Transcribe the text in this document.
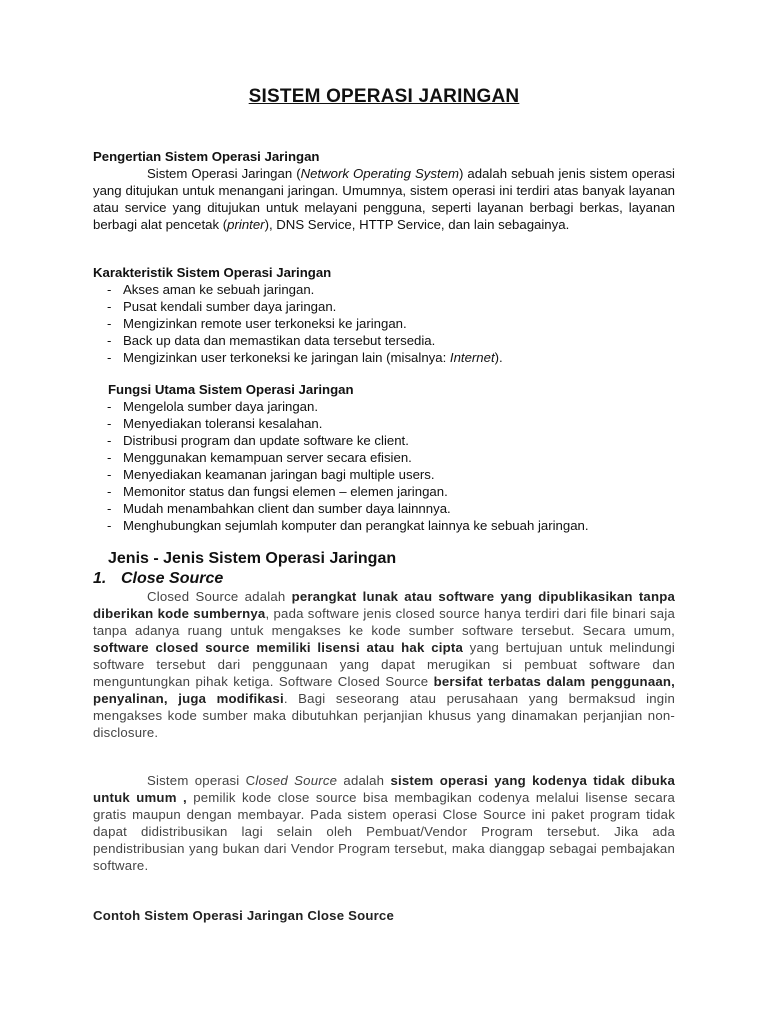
SISTEM OPERASI JARINGAN
Pengertian Sistem Operasi Jaringan
Sistem Operasi Jaringan (Network Operating System) adalah sebuah jenis sistem operasi yang ditujukan untuk menangani jaringan. Umumnya, sistem operasi ini terdiri atas banyak layanan atau service yang ditujukan untuk melayani pengguna, seperti layanan berbagi berkas, layanan berbagi alat pencetak (printer), DNS Service, HTTP Service, dan lain sebagainya.
Karakteristik Sistem Operasi Jaringan
- Akses aman ke sebuah jaringan.
- Pusat kendali sumber daya jaringan.
- Mengizinkan remote user terkoneksi ke jaringan.
- Back up data dan memastikan data tersebut tersedia.
- Mengizinkan user terkoneksi ke jaringan lain (misalnya: Internet).
Fungsi Utama Sistem Operasi Jaringan
- Mengelola sumber daya jaringan.
- Menyediakan toleransi kesalahan.
- Distribusi program dan update software ke client.
- Menggunakan kemampuan server secara efisien.
- Menyediakan keamanan jaringan bagi multiple users.
- Memonitor status dan fungsi elemen – elemen jaringan.
- Mudah menambahkan client dan sumber daya lainnnya.
- Menghubungkan sejumlah komputer dan perangkat lainnya ke sebuah jaringan.
Jenis - Jenis Sistem Operasi Jaringan
1. Close Source
Closed Source adalah perangkat lunak atau software yang dipublikasikan tanpa diberikan kode sumbernya, pada software jenis closed source hanya terdiri dari file binari saja tanpa adanya ruang untuk mengakses ke kode sumber software tersebut. Secara umum, software closed source memiliki lisensi atau hak cipta yang bertujuan untuk melindungi software tersebut dari penggunaan yang dapat merugikan si pembuat software dan menguntungkan pihak ketiga. Software Closed Source bersifat terbatas dalam penggunaan, penyalinan, juga modifikasi. Bagi seseorang atau perusahaan yang bermaksud ingin mengakses kode sumber maka dibutuhkan perjanjian khusus yang dinamakan perjanjian non-disclosure.
Sistem operasi Closed Source adalah sistem operasi yang kodenya tidak dibuka untuk umum , pemilik kode close source bisa membagikan codenya melalui lisense secara gratis maupun dengan membayar. Pada sistem operasi Close Source ini paket program tidak dapat didistribusikan lagi selain oleh Pembuat/Vendor Program tersebut. Jika ada pendistribusian yang bukan dari Vendor Program tersebut, maka dianggap sebagai pembajakan software.
Contoh Sistem Operasi Jaringan Close Source
